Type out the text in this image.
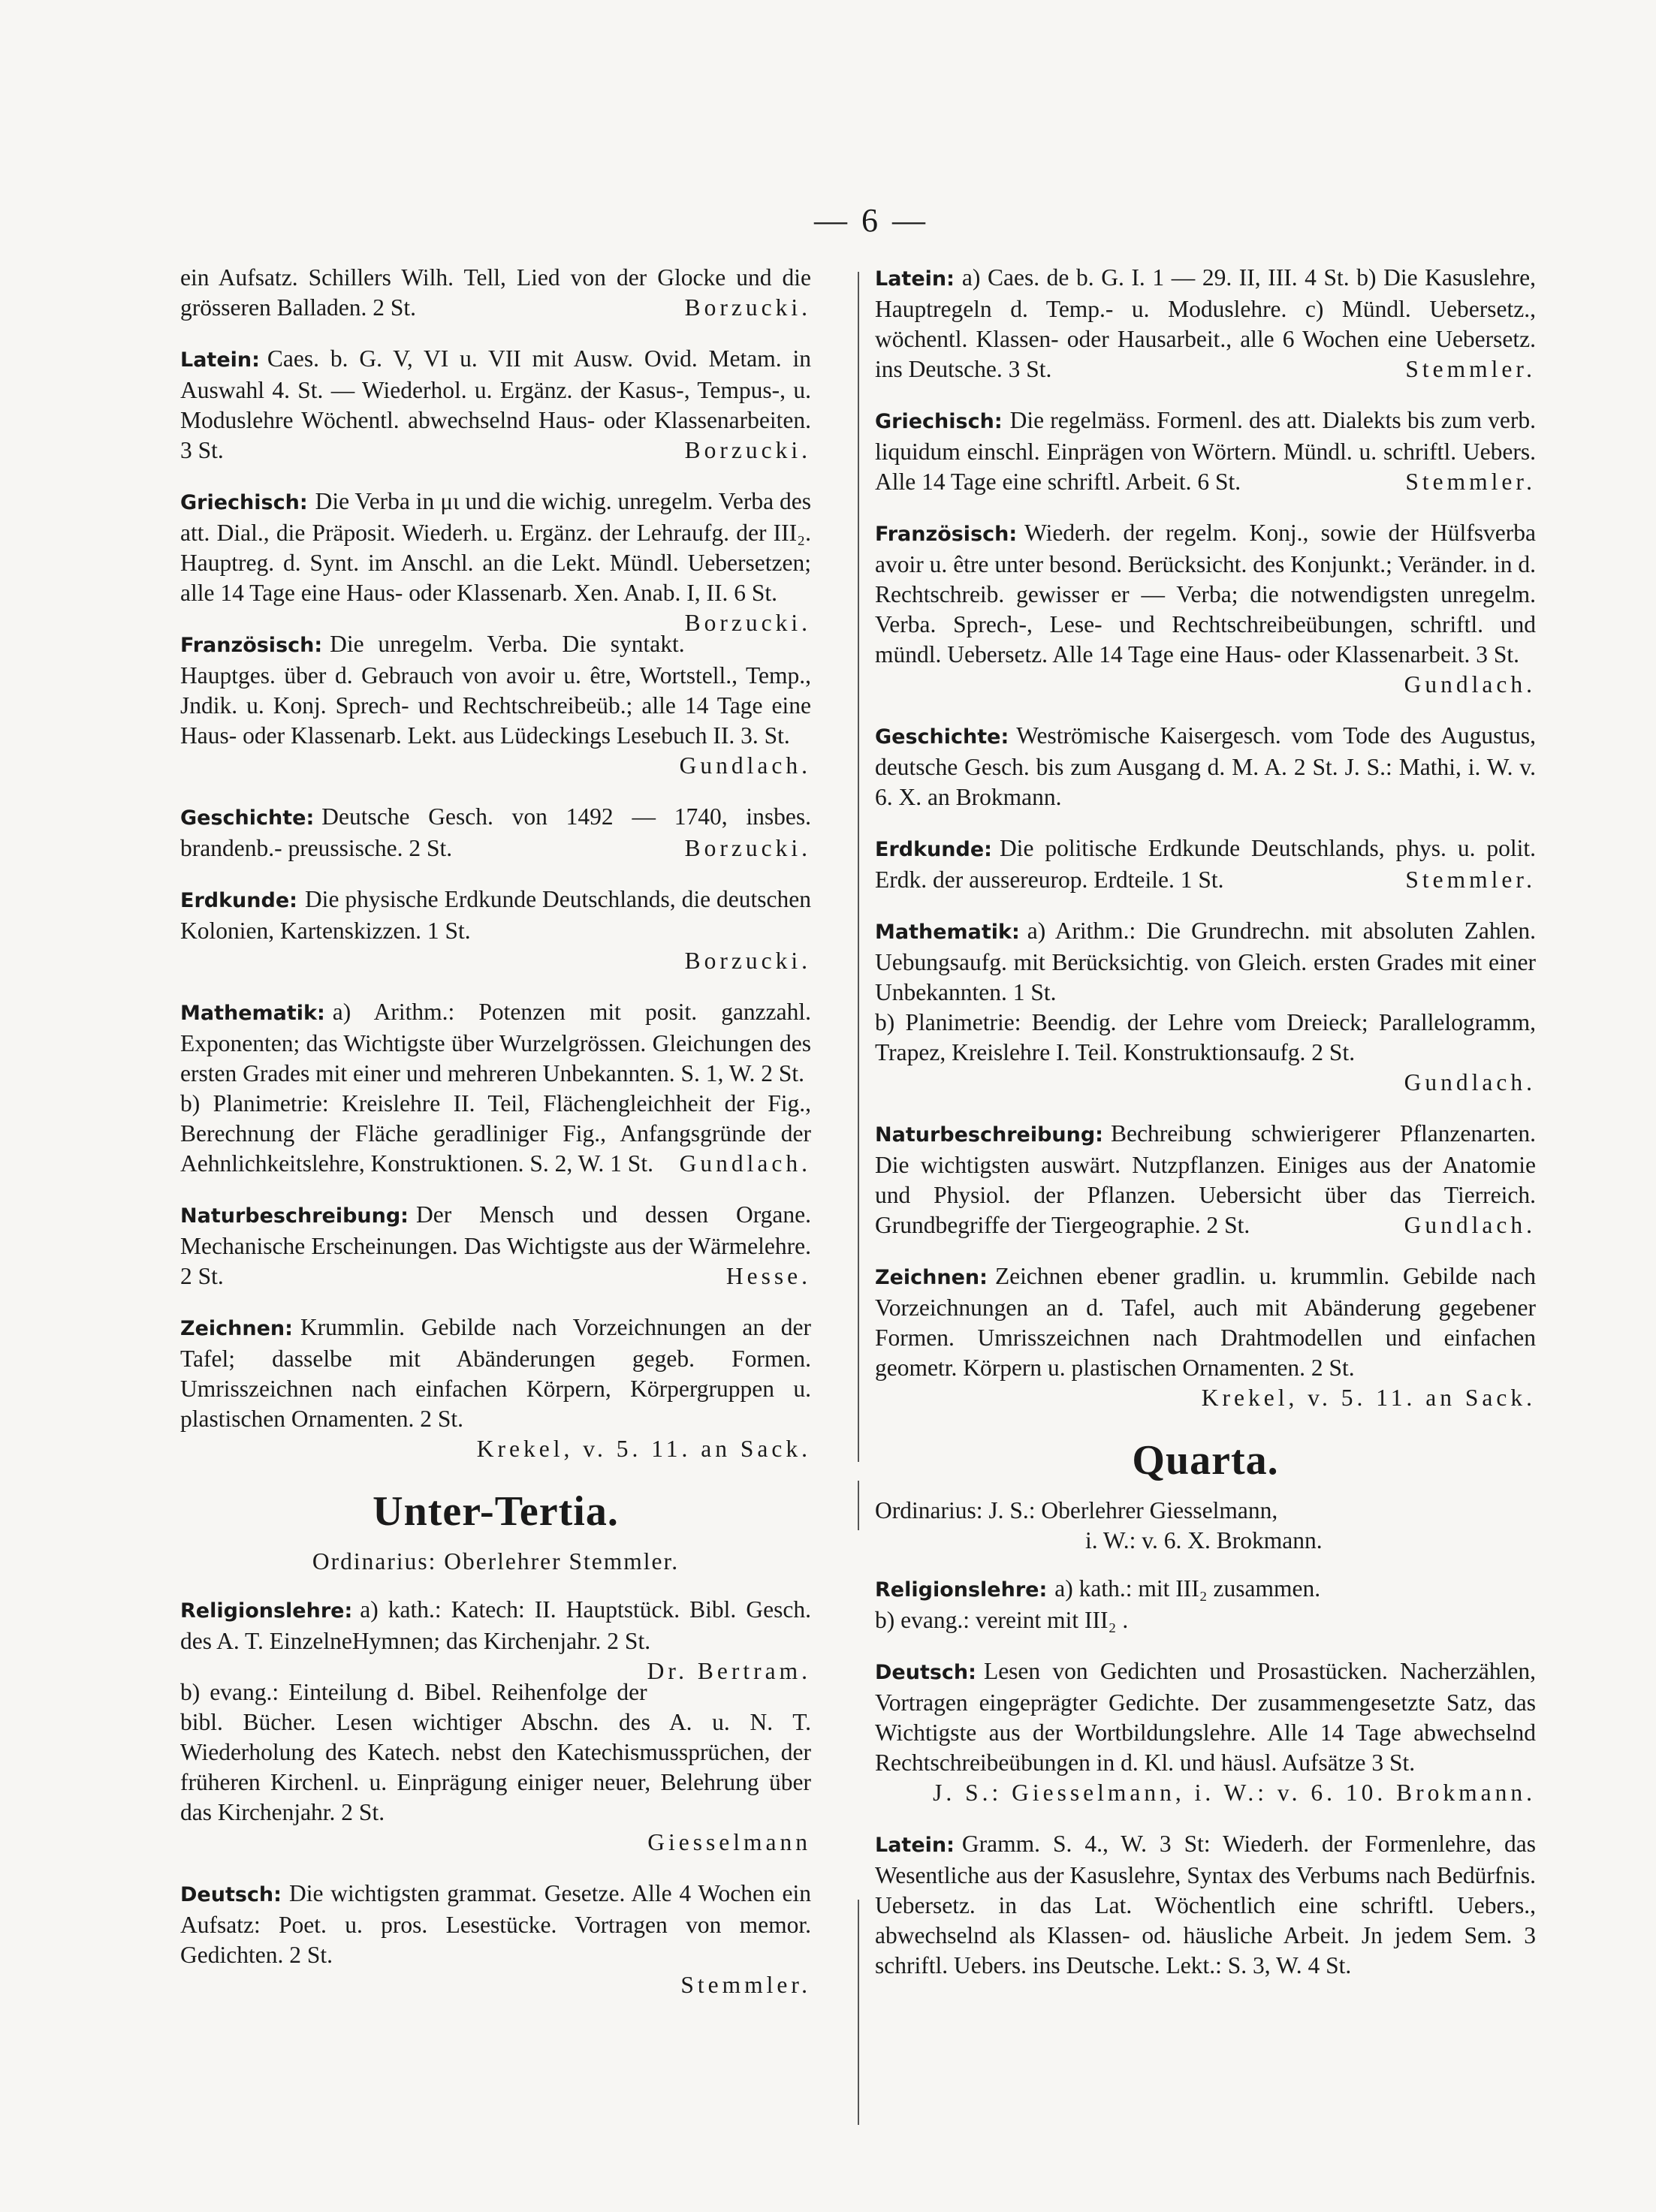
— 6 —
ein Aufsatz. Schillers Wilh. Tell, Lied von der Glocke und die grösseren Balladen. 2 St.	Borzucki.
Latein: Caes. b. G. V, VI u. VII mit Ausw. Ovid. Metam. in Auswahl 4. St. — Wiederhol. u. Ergänz. der Kasus-, Tempus-, u. Moduslehre Wöchentl. abwechselnd Haus- oder Klassenarbeiten. 3 St.	Borzucki.
Griechisch: Die Verba in μι und die wichig. unregelm. Verba des att. Dial., die Präposit. Wiederh. u. Ergänz. der Lehraufg. der III₂. Hauptreg. d. Synt. im Anschl. an die Lekt. Mündl. Uebersetzen; alle 14 Tage eine Haus- oder Klassenarb. Xen. Anab. I, II. 6 St.
Borzucki.
Französisch: Die unregelm. Verba. Die syntakt. Hauptges. über d. Gebrauch von avoir u. être, Wortstell., Temp., Jndik. u. Konj. Sprech- und Rechtschreibeüb.; alle 14 Tage eine Haus- oder Klassenarb. Lekt. aus Lüdeckings Lesebuch II. 3. St.
Gundlach.
Geschichte: Deutsche Gesch. von 1492 — 1740, insbes. brandenb.- preussische. 2 St.	Borzucki.
Erdkunde: Die physische Erdkunde Deutschlands, die deutschen Kolonien, Kartenskizzen. 1 St.
Borzucki.
Mathematik: a) Arithm.: Potenzen mit posit. ganzzahl. Exponenten; das Wichtigste über Wurzelgrössen. Gleichungen des ersten Grades mit einer und mehreren Unbekannten. S. 1, W. 2 St.
b) Planimetrie: Kreislehre II. Teil, Flächengleichheit der Fig., Berechnung der Fläche geradliniger Fig., Anfangsgründe der Aehnlichkeitslehre, Konstruktionen. S. 2, W. 1 St. Gundlach.
Naturbeschreibung: Der Mensch und dessen Organe. Mechanische Erscheinungen. Das Wichtigste aus der Wärmelehre. 2 St.	Hesse.
Zeichnen: Krummlin. Gebilde nach Vorzeichnungen an der Tafel; dasselbe mit Abänderungen gegeb. Formen. Umrisszeichnen nach einfachen Körpern, Körpergruppen u. plastischen Ornamenten. 2 St.
Krekel, v. 5. 11. an Sack.
Unter-Tertia.
Ordinarius: Oberlehrer Stemmler.
Religionslehre: a) kath.: Katech: II. Hauptstück. Bibl. Gesch. des A. T. EinzelneHymnen; das Kirchenjahr. 2 St.
Dr. Bertram.
b) evang.: Einteilung d. Bibel. Reihenfolge der bibl. Bücher. Lesen wichtiger Abschn. des A. u. N. T. Wiederholung des Katech. nebst den Katechismussprüchen, der früheren Kirchenl. u. Einprägung einiger neuer, Belehrung über das Kirchenjahr. 2 St.
Giesselmann
Deutsch: Die wichtigsten grammat. Gesetze. Alle 4 Wochen ein Aufsatz: Poet. u. pros. Lesestücke. Vortragen von memor. Gedichten. 2 St.
Stemmler.
Latein: a) Caes. de b. G. I. 1 — 29. II, III. 4 St. b) Die Kasuslehre, Hauptregeln d. Temp.- u. Moduslehre. c) Mündl. Uebersetz., wöchentl. Klassen- oder Hausarbeit., alle 6 Wochen eine Uebersetz. ins Deutsche. 3 St.	Stemmler.
Griechisch: Die regelmäss. Formenl. des att. Dialekts bis zum verb. liquidum einschl. Einprägen von Wörtern. Mündl. u. schriftl. Uebers. Alle 14 Tage eine schriftl. Arbeit. 6 St.	Stemmler.
Französisch: Wiederh. der regelm. Konj., sowie der Hülfsverba avoir u. être unter besond. Berücksicht. des Konjunkt.; Veränder. in d. Rechtschreib. gewisser er — Verba; die notwendigsten unregelm. Verba. Sprech-, Lese- und Rechtschreibeübungen, schriftl. und mündl. Uebersetz. Alle 14 Tage eine Haus- oder Klassenarbeit. 3 St.
Gundlach.
Geschichte: Weströmische Kaisergesch. vom Tode des Augustus, deutsche Gesch. bis zum Ausgang d. M. A. 2 St. J. S.: Mathi, i. W. v. 6. X. an Brokmann.
Erdkunde: Die politische Erdkunde Deutschlands, phys. u. polit. Erdk. der aussereurop. Erdteile. 1 St.	Stemmler.
Mathematik: a) Arithm.: Die Grundrechn. mit absoluten Zahlen. Uebungsaufg. mit Berücksichtig. von Gleich. ersten Grades mit einer Unbekannten. 1 St.
b) Planimetrie: Beendig. der Lehre vom Dreieck; Parallelogramm, Trapez, Kreislehre I. Teil. Konstruktionsaufg. 2 St.
Gundlach.
Naturbeschreibung: Bechreibung schwierigerer Pflanzenarten. Die wichtigsten auswärt. Nutzpflanzen. Einiges aus der Anatomie und Physiol. der Pflanzen. Uebersicht über das Tierreich. Grundbegriffe der Tiergeographie. 2 St.	Gundlach.
Zeichnen: Zeichnen ebener gradlin. u. krummlin. Gebilde nach Vorzeichnungen an d. Tafel, auch mit Abänderung gegebener Formen. Umrisszeichnen nach Drahtmodellen und einfachen geometr. Körpern u. plastischen Ornamenten. 2 St.
Krekel, v. 5. 11. an Sack.
Quarta.
Ordinarius: J. S.: Oberlehrer Giesselmann,
i. W.: v. 6. X. Brokmann.
Religionslehre: a) kath.: mit III₂ zusammen.
b) evang.: vereint mit III₂ .
Deutsch: Lesen von Gedichten und Prosastücken. Nacherzählen, Vortragen eingeprägter Gedichte. Der zusammengesetzte Satz, das Wichtigste aus der Wortbildungslehre. Alle 14 Tage abwechselnd Rechtschreibeübungen in d. Kl. und häusl. Aufsätze 3 St.
J. S.: Giesselmann, i. W.: v. 6. 10. Brokmann.
Latein: Gramm. S. 4., W. 3 St: Wiederh. der Formenlehre, das Wesentliche aus der Kasuslehre, Syntax des Verbums nach Bedürfnis. Uebersetz. in das Lat. Wöchentlich eine schriftl. Uebers., abwechselnd als Klassen- od. häusliche Arbeit. Jn jedem Sem. 3 schriftl. Uebers. ins Deutsche. Lekt.: S. 3, W. 4 St.
